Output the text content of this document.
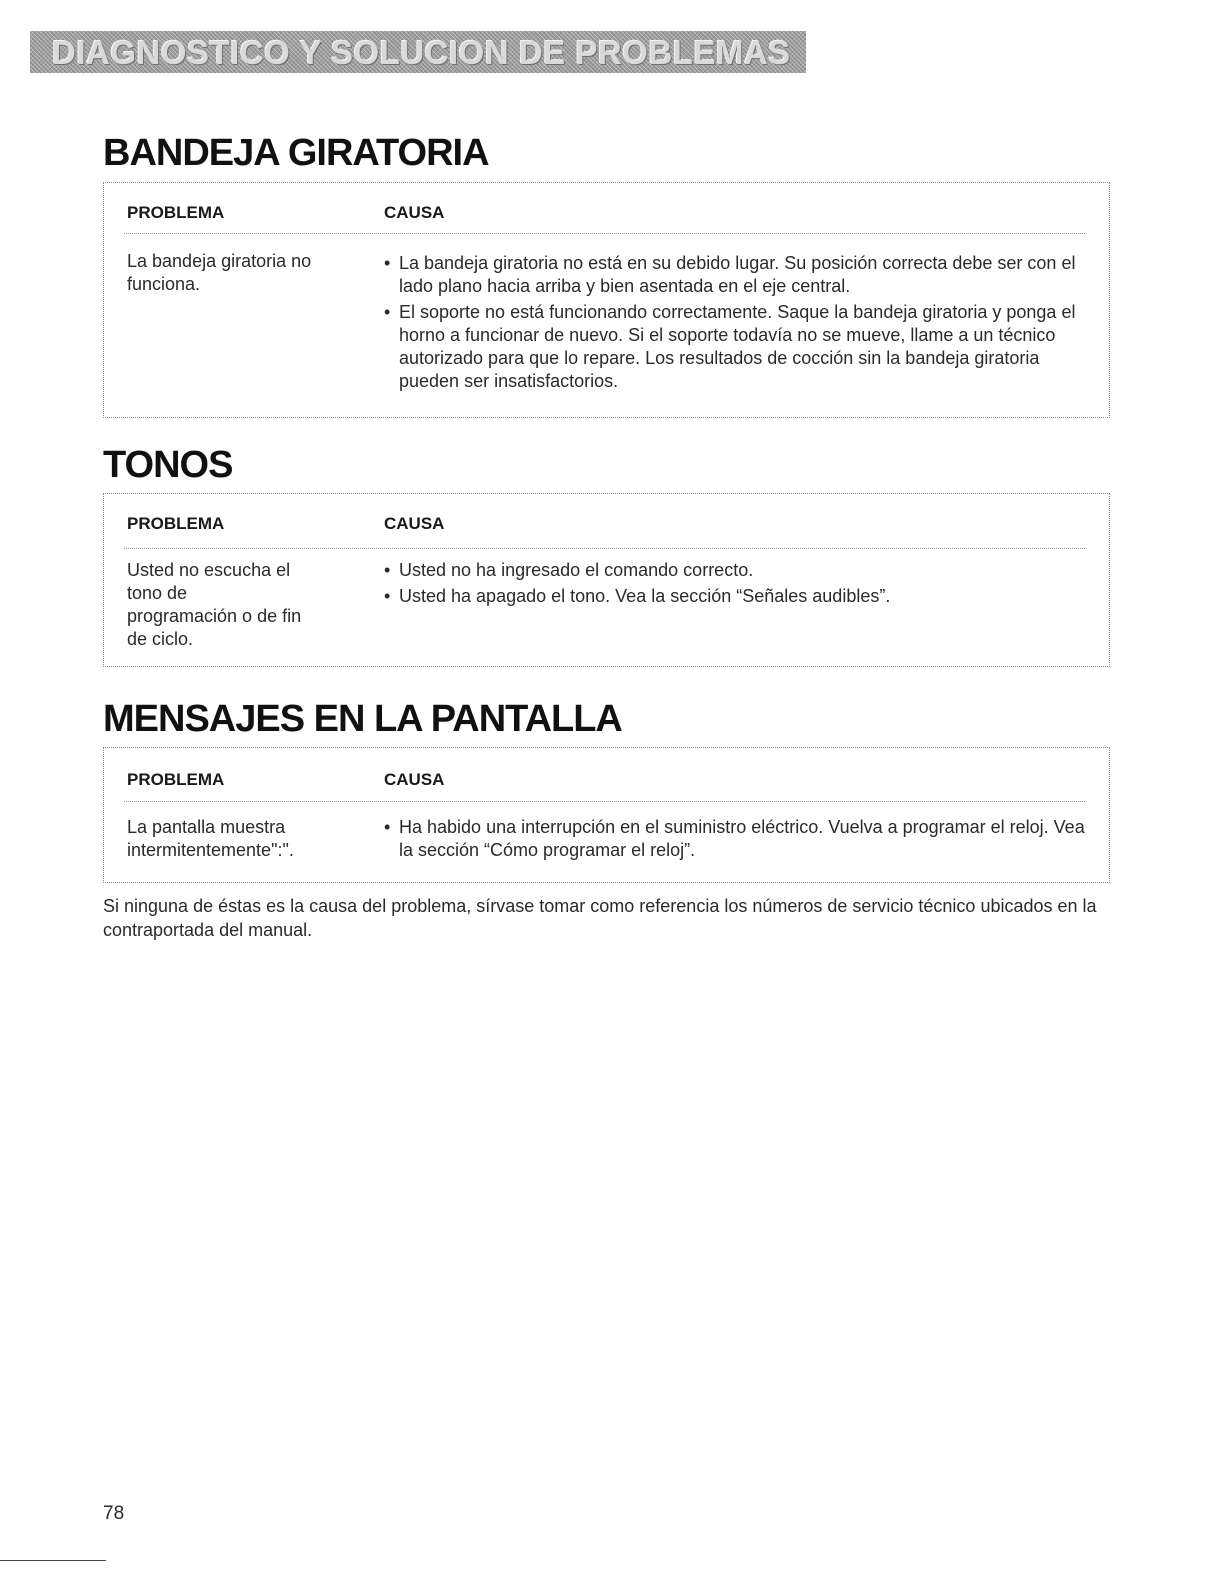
DIAGNOSTICO Y SOLUCION DE PROBLEMAS
BANDEJA GIRATORIA
PROBLEMA	CAUSA
La bandeja giratoria no funciona.
• La bandeja giratoria no está en su debido lugar. Su posición correcta debe ser con el lado plano hacia arriba y bien asentada en el eje central.
• El soporte no está funcionando correctamente. Saque la bandeja giratoria y ponga el horno a funcionar de nuevo. Si el soporte todavía no se mueve, llame a un técnico autorizado para que lo repare. Los resultados de cocción sin la bandeja giratoria pueden ser insatisfactorios.
TONOS
PROBLEMA	CAUSA
Usted no escucha el tono de programación o de fin de ciclo.
• Usted no ha ingresado el comando correcto.
• Usted ha apagado el tono. Vea la sección “Señales audibles”.
MENSAJES EN LA PANTALLA
PROBLEMA	CAUSA
La pantalla muestra intermitentemente":".
• Ha habido una interrupción en el suministro eléctrico. Vuelva a programar el reloj. Vea la sección “Cómo programar el reloj”.
Si ninguna de éstas es la causa del problema, sírvase tomar como referencia los números de servicio técnico ubicados en la contraportada del manual.
78
